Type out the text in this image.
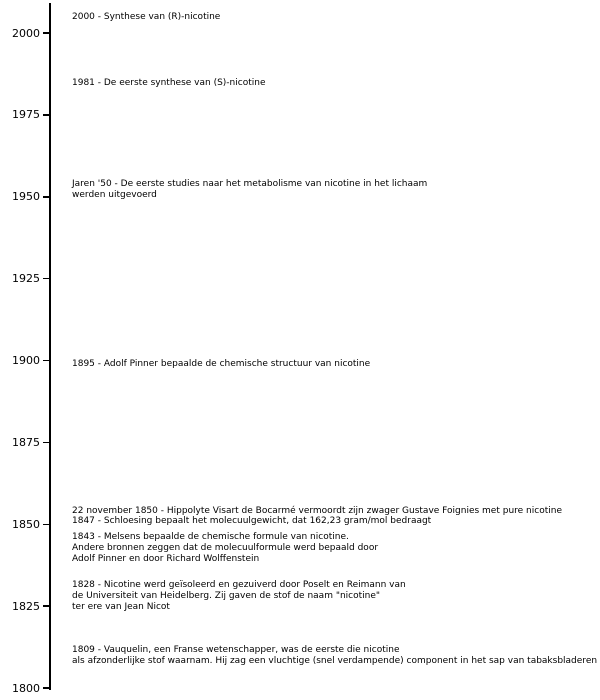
2000
1975
1950
1925
1900
1875
1850
1825
1800
2000 - Synthese van (R)-nicotine
1981 - De eerste synthese van (S)-nicotine
Jaren '50 - De eerste studies naar het metabolisme van nicotine in het lichaam
werden uitgevoerd
1895 - Adolf Pinner bepaalde de chemische structuur van nicotine
22 november 1850 - Hippolyte Visart de Bocarmé vermoordt zijn zwager Gustave Foignies met pure nicotine
1847 - Schloesing bepaalt het molecuulgewicht, dat 162,23 gram/mol bedraagt
1843 - Melsens bepaalde de chemische formule van nicotine.
Andere bronnen zeggen dat de molecuulformule werd bepaald door
Adolf Pinner en door Richard Wolffenstein
1828 - Nicotine werd geïsoleerd en gezuiverd door Poselt en Reimann van
de Universiteit van Heidelberg. Zij gaven de stof de naam "nicotine"
ter ere van Jean Nicot
1809 - Vauquelin, een Franse wetenschapper, was de eerste die nicotine
als afzonderlijke stof waarnam. Hij zag een vluchtige (snel verdampende) component in het sap van tabaksbladeren
